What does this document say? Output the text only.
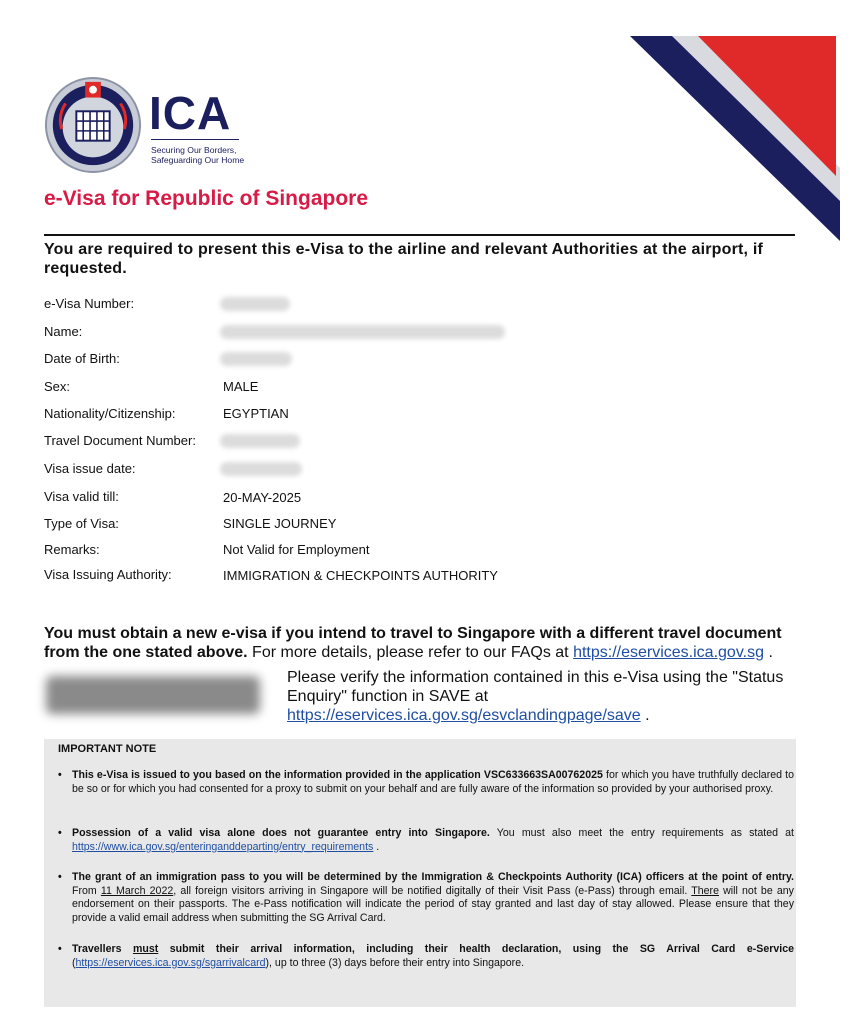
ICA
Securing Our Borders,
Safeguarding Our Home
e-Visa for Republic of Singapore
You are required to present this e-Visa to the airline and relevant Authorities at the airport, if requested.
e-Visa Number:
Name:
Date of Birth:
Sex:	MALE
Nationality/Citizenship:	EGYPTIAN
Travel Document Number:
Visa issue date:
Visa valid till:	20-MAY-2025
Type of Visa:	SINGLE JOURNEY
Remarks:	Not Valid for Employment
Visa Issuing Authority:	IMMIGRATION & CHECKPOINTS AUTHORITY
You must obtain a new e-visa if you intend to travel to Singapore with a different travel document from the one stated above. For more details, please refer to our FAQs at https://eservices.ica.gov.sg .
Please verify the information contained in this e-Visa using the "Status Enquiry" function in SAVE at https://eservices.ica.gov.sg/esvclandingpage/save .
IMPORTANT NOTE
• This e-Visa is issued to you based on the information provided in the application VSC633663SA00762025 for which you have truthfully declared to be so or for which you had consented for a proxy to submit on your behalf and are fully aware of the information so provided by your authorised proxy.
• Possession of a valid visa alone does not guarantee entry into Singapore. You must also meet the entry requirements as stated at https://www.ica.gov.sg/enteringanddeparting/entry_requirements .
• The grant of an immigration pass to you will be determined by the Immigration & Checkpoints Authority (ICA) officers at the point of entry. From 11 March 2022, all foreign visitors arriving in Singapore will be notified digitally of their Visit Pass (e-Pass) through email. There will not be any endorsement on their passports. The e-Pass notification will indicate the period of stay granted and last day of stay allowed. Please ensure that they provide a valid email address when submitting the SG Arrival Card.
• Travellers must submit their arrival information, including their health declaration, using the SG Arrival Card e-Service (https://eservices.ica.gov.sg/sgarrivalcard), up to three (3) days before their entry into Singapore.
